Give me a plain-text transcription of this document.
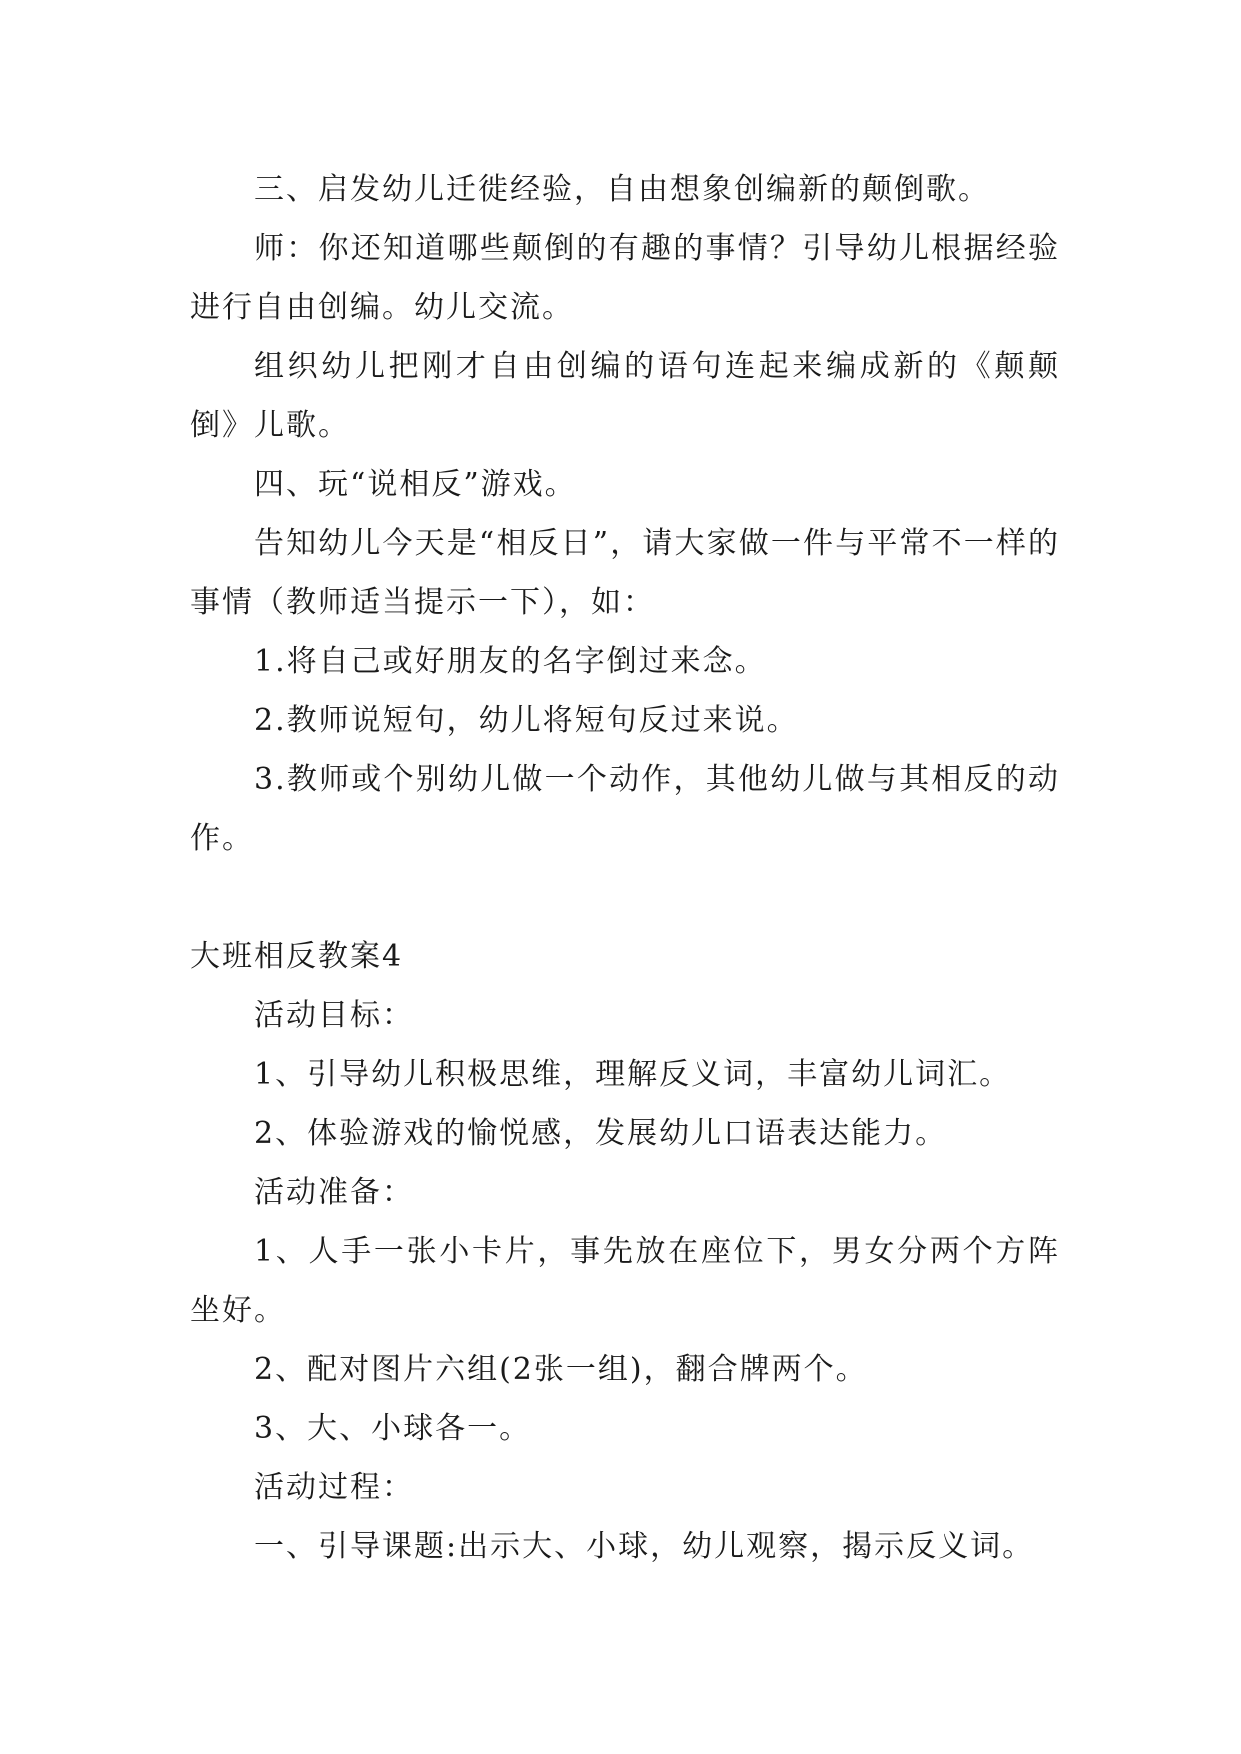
三、启发幼儿迁徙经验，自由想象创编新的颠倒歌。

师：你还知道哪些颠倒的有趣的事情？引导幼儿根据经验进行自由创编。幼儿交流。

组织幼儿把刚才自由创编的语句连起来编成新的《颠颠倒》儿歌。

四、玩“说相反”游戏。

告知幼儿今天是“相反日”，请大家做一件与平常不一样的事情（教师适当提示一下），如：

1.将自己或好朋友的名字倒过来念。

2.教师说短句，幼儿将短句反过来说。

3.教师或个别幼儿做一个动作，其他幼儿做与其相反的动作。

大班相反教案4

活动目标：

1、引导幼儿积极思维，理解反义词，丰富幼儿词汇。

2、体验游戏的愉悦感，发展幼儿口语表达能力。

活动准备：

1、人手一张小卡片，事先放在座位下，男女分两个方阵坐好。

2、配对图片六组(2张一组)，翻合牌两个。

3、大、小球各一。

活动过程：

一、引导课题:出示大、小球，幼儿观察，揭示反义词。
